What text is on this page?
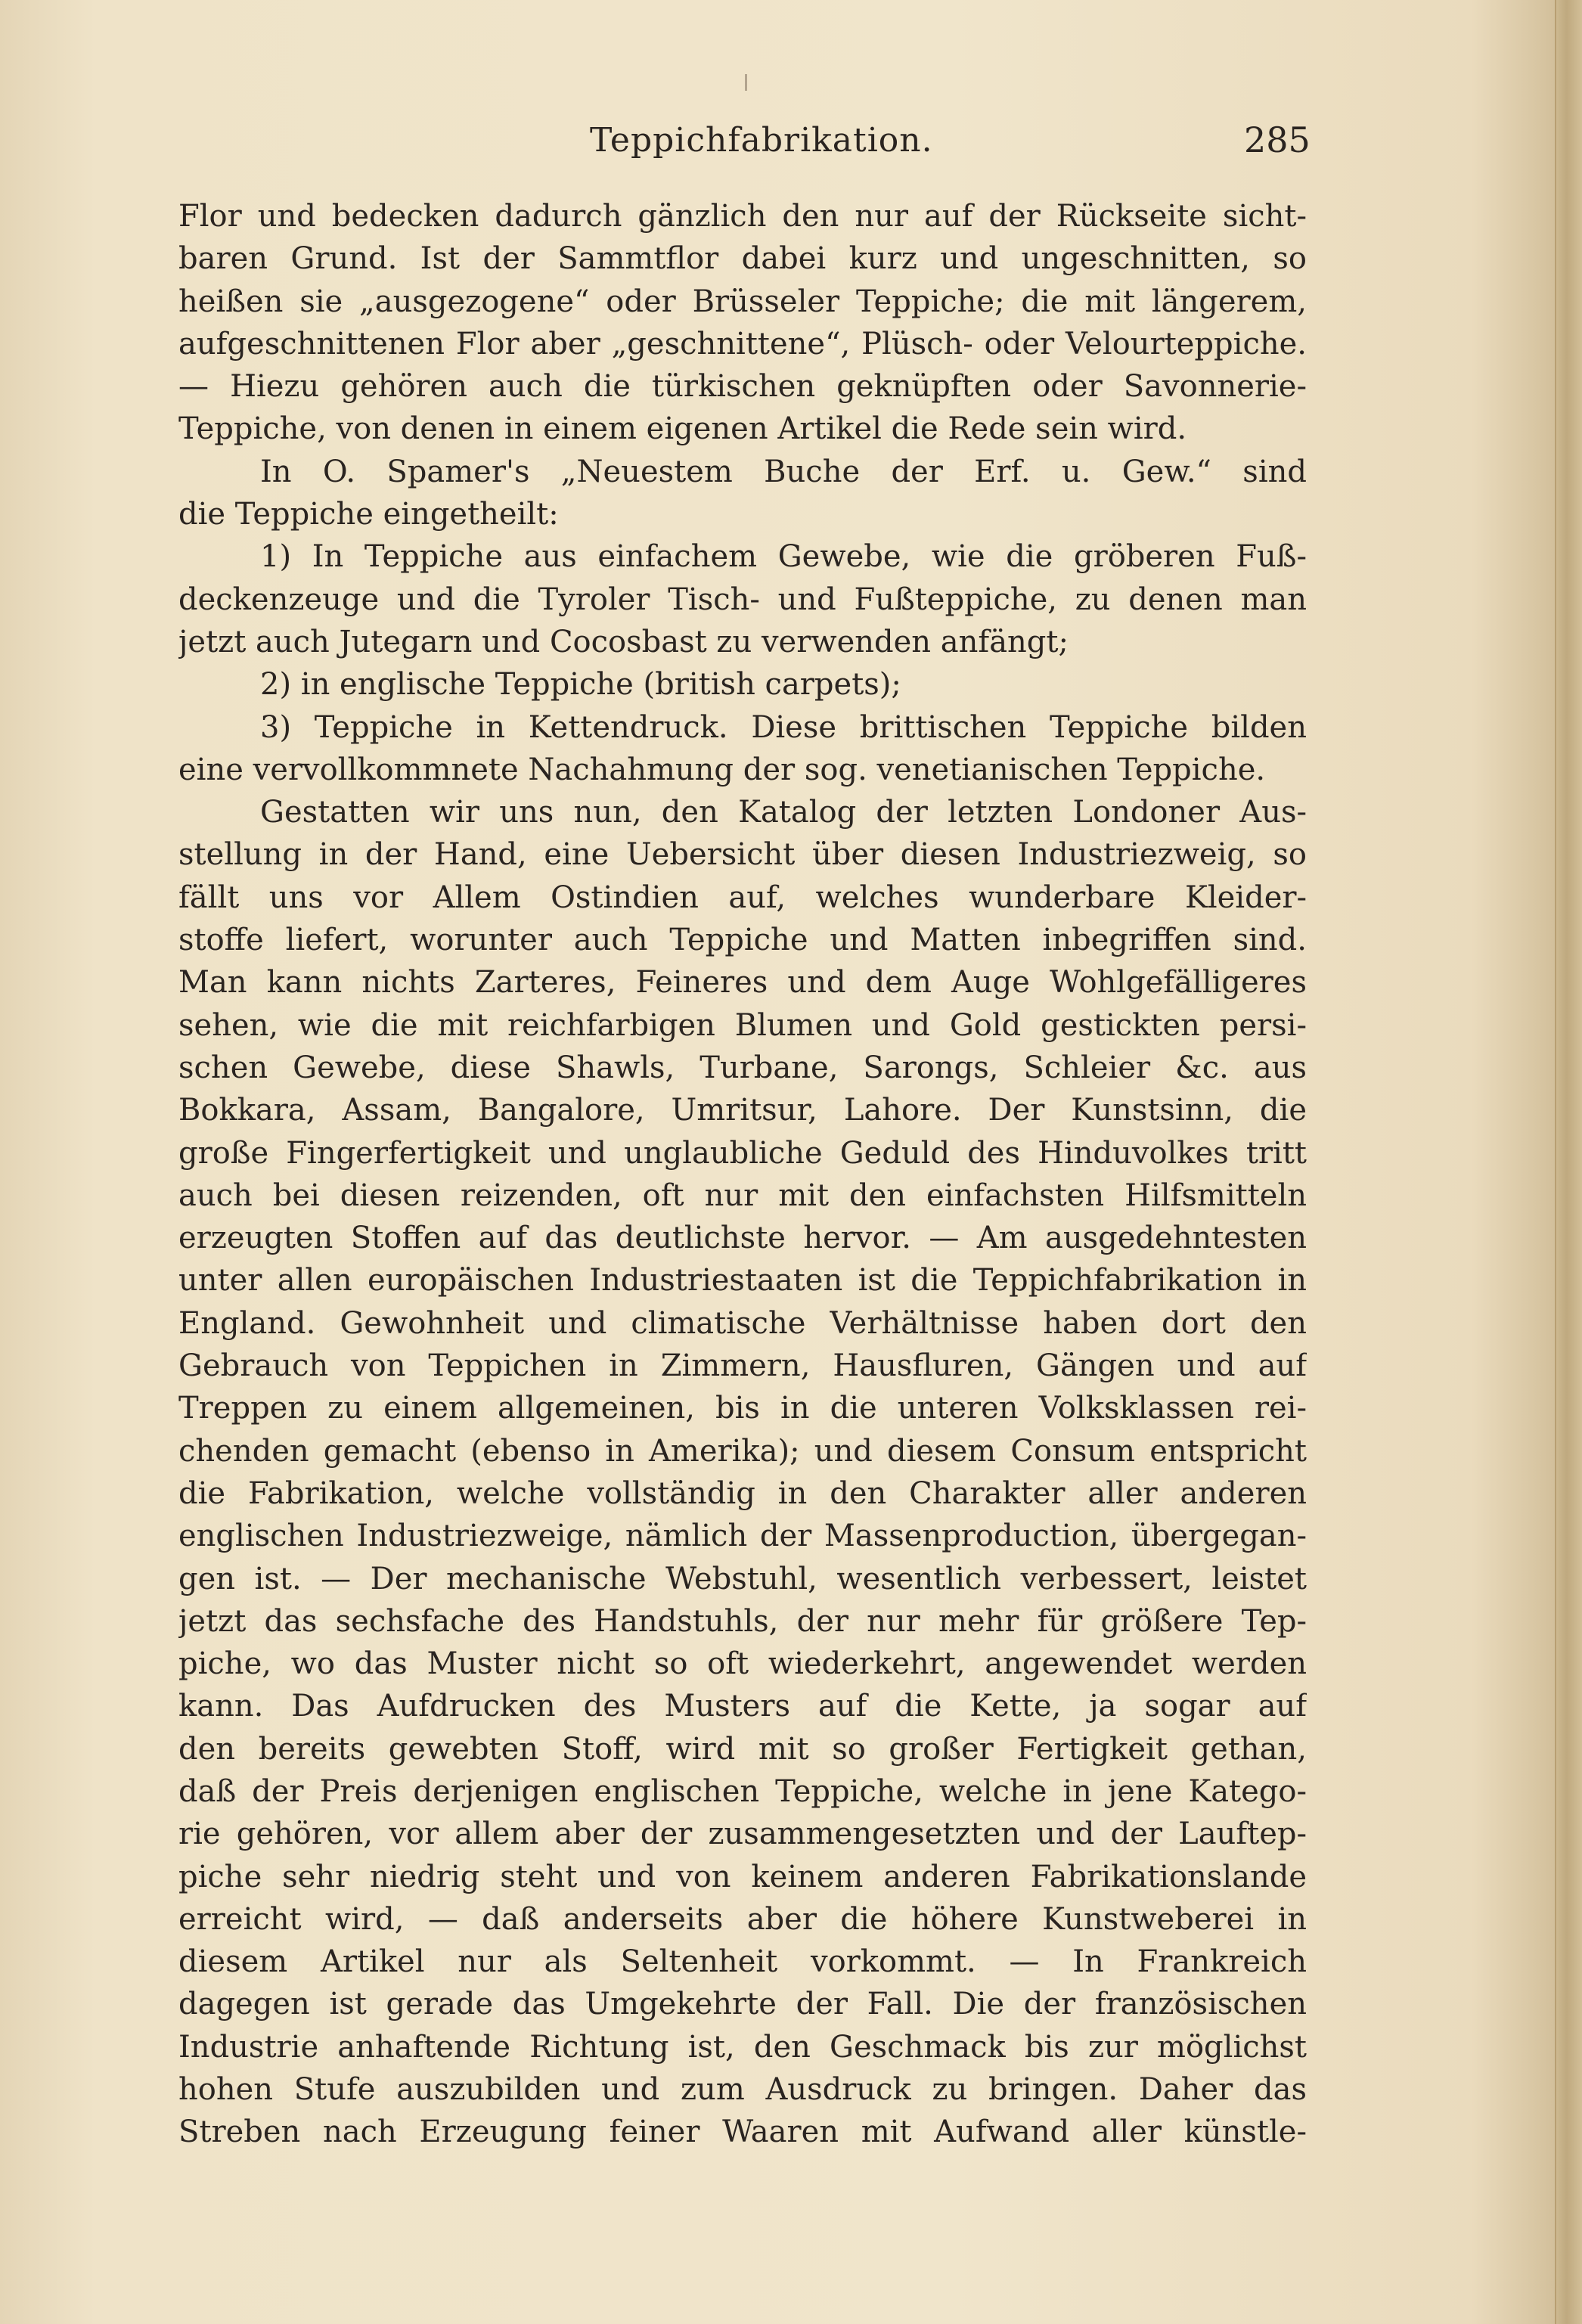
Teppichfabrikation.	285
Flor und bedecken dadurch gänzlich den nur auf der Rückseite sicht-
baren Grund. Ist der Sammtflor dabei kurz und ungeschnitten, so
heißen sie „ausgezogene“ oder Brüsseler Teppiche; die mit längerem,
aufgeschnittenen Flor aber „geschnittene“, Plüsch- oder Velourteppiche.
— Hiezu gehören auch die türkischen geknüpften oder Savonnerie-
Teppiche, von denen in einem eigenen Artikel die Rede sein wird.
In O. Spamer's „Neuestem Buche der Erf. u. Gew.“ sind
die Teppiche eingetheilt:
1) In Teppiche aus einfachem Gewebe, wie die gröberen Fuß-
deckenzeuge und die Tyroler Tisch- und Fußteppiche, zu denen man
jetzt auch Jutegarn und Cocosbast zu verwenden anfängt;
2) in englische Teppiche (british carpets);
3) Teppiche in Kettendruck. Diese brittischen Teppiche bilden
eine vervollkommnete Nachahmung der sog. venetianischen Teppiche.
Gestatten wir uns nun, den Katalog der letzten Londoner Aus-
stellung in der Hand, eine Uebersicht über diesen Industriezweig, so
fällt uns vor Allem Ostindien auf, welches wunderbare Kleider-
stoffe liefert, worunter auch Teppiche und Matten inbegriffen sind.
Man kann nichts Zarteres, Feineres und dem Auge Wohlgefälligeres
sehen, wie die mit reichfarbigen Blumen und Gold gestickten persi-
schen Gewebe, diese Shawls, Turbane, Sarongs, Schleier &c. aus
Bokkara, Assam, Bangalore, Umritsur, Lahore. Der Kunstsinn, die
große Fingerfertigkeit und unglaubliche Geduld des Hinduvolkes tritt
auch bei diesen reizenden, oft nur mit den einfachsten Hilfsmitteln
erzeugten Stoffen auf das deutlichste hervor. — Am ausgedehntesten
unter allen europäischen Industriestaaten ist die Teppichfabrikation in
England. Gewohnheit und climatische Verhältnisse haben dort den
Gebrauch von Teppichen in Zimmern, Hausfluren, Gängen und auf
Treppen zu einem allgemeinen, bis in die unteren Volksklassen rei-
chenden gemacht (ebenso in Amerika); und diesem Consum entspricht
die Fabrikation, welche vollständig in den Charakter aller anderen
englischen Industriezweige, nämlich der Massenproduction, übergegan-
gen ist. — Der mechanische Webstuhl, wesentlich verbessert, leistet
jetzt das sechsfache des Handstuhls, der nur mehr für größere Tep-
piche, wo das Muster nicht so oft wiederkehrt, angewendet werden
kann. Das Aufdrucken des Musters auf die Kette, ja sogar auf
den bereits gewebten Stoff, wird mit so großer Fertigkeit gethan,
daß der Preis derjenigen englischen Teppiche, welche in jene Katego-
rie gehören, vor allem aber der zusammengesetzten und der Lauftep-
piche sehr niedrig steht und von keinem anderen Fabrikationslande
erreicht wird, — daß anderseits aber die höhere Kunstweberei in
diesem Artikel nur als Seltenheit vorkommt. — In Frankreich
dagegen ist gerade das Umgekehrte der Fall. Die der französischen
Industrie anhaftende Richtung ist, den Geschmack bis zur möglichst
hohen Stufe auszubilden und zum Ausdruck zu bringen. Daher das
Streben nach Erzeugung feiner Waaren mit Aufwand aller künstle-
